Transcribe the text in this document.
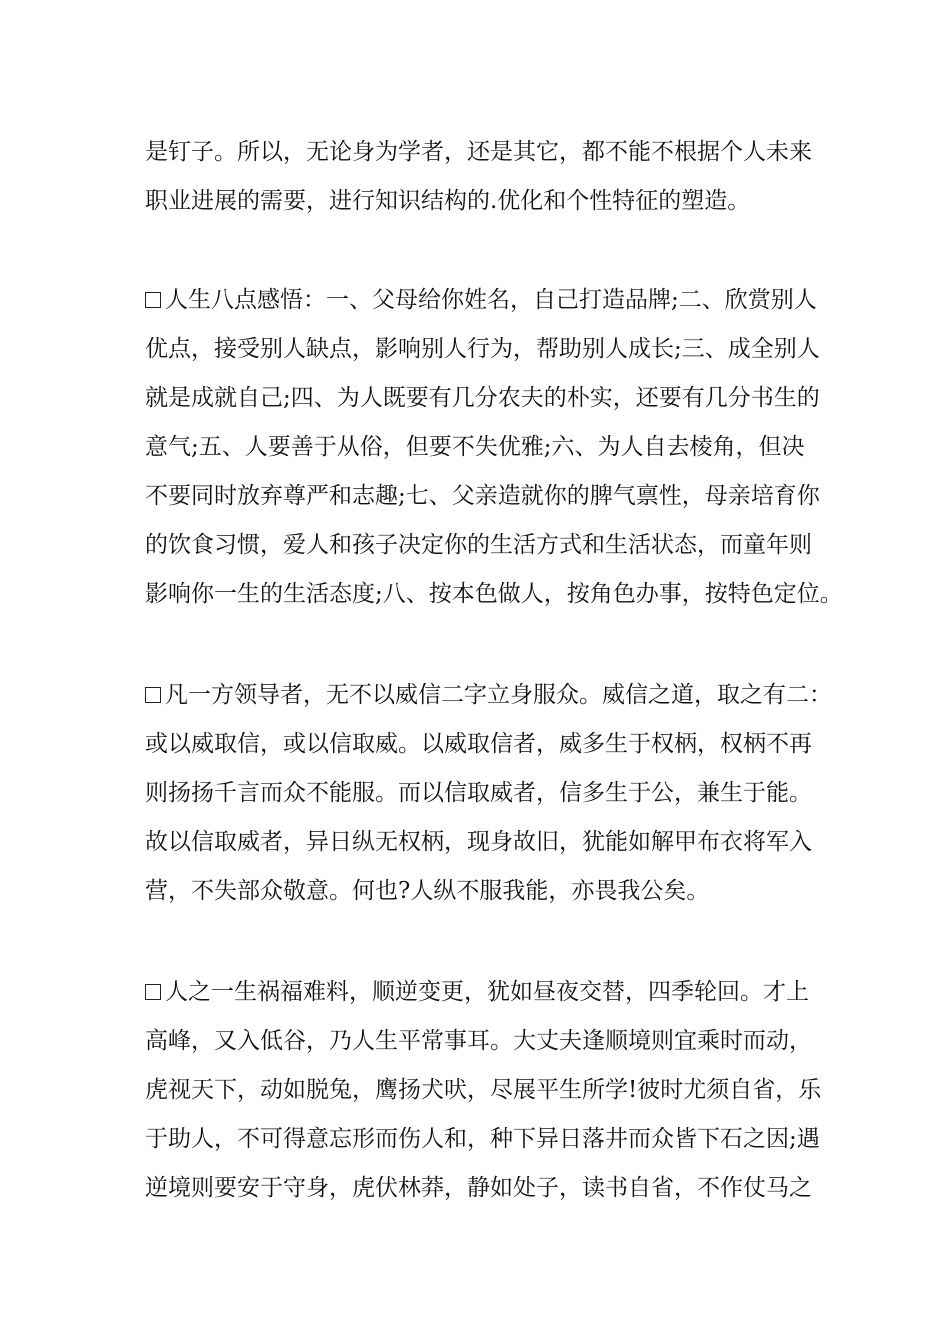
是钉子。所以，无论身为学者，还是其它，都不能不根据个人未来
职业进展的需要，进行知识结构的.优化和个性特征的塑造。
人生八点感悟：一、父母给你姓名，自己打造品牌;二、欣赏别人
优点，接受别人缺点，影响别人行为，帮助别人成长;三、成全别人
就是成就自己;四、为人既要有几分农夫的朴实，还要有几分书生的
意气;五、人要善于从俗，但要不失优雅;六、为人自去棱角，但决
不要同时放弃尊严和志趣;七、父亲造就你的脾气禀性，母亲培育你
的饮食习惯，爱人和孩子决定你的生活方式和生活状态，而童年则
影响你一生的生活态度;八、按本色做人，按角色办事，按特色定位。
凡一方领导者，无不以威信二字立身服众。威信之道，取之有二：
或以威取信，或以信取威。以威取信者，威多生于权柄，权柄不再
则扬扬千言而众不能服。而以信取威者，信多生于公，兼生于能。
故以信取威者，异日纵无权柄，现身故旧，犹能如解甲布衣将军入
营，不失部众敬意。何也?人纵不服我能，亦畏我公矣。
人之一生祸福难料，顺逆变更，犹如昼夜交替，四季轮回。才上
高峰，又入低谷，乃人生平常事耳。大丈夫逢顺境则宜乘时而动，
虎视天下，动如脱兔，鹰扬犬吠，尽展平生所学!彼时尤须自省，乐
于助人，不可得意忘形而伤人和，种下异日落井而众皆下石之因;遇
逆境则要安于守身，虎伏林莽，静如处子，读书自省，不作仗马之
